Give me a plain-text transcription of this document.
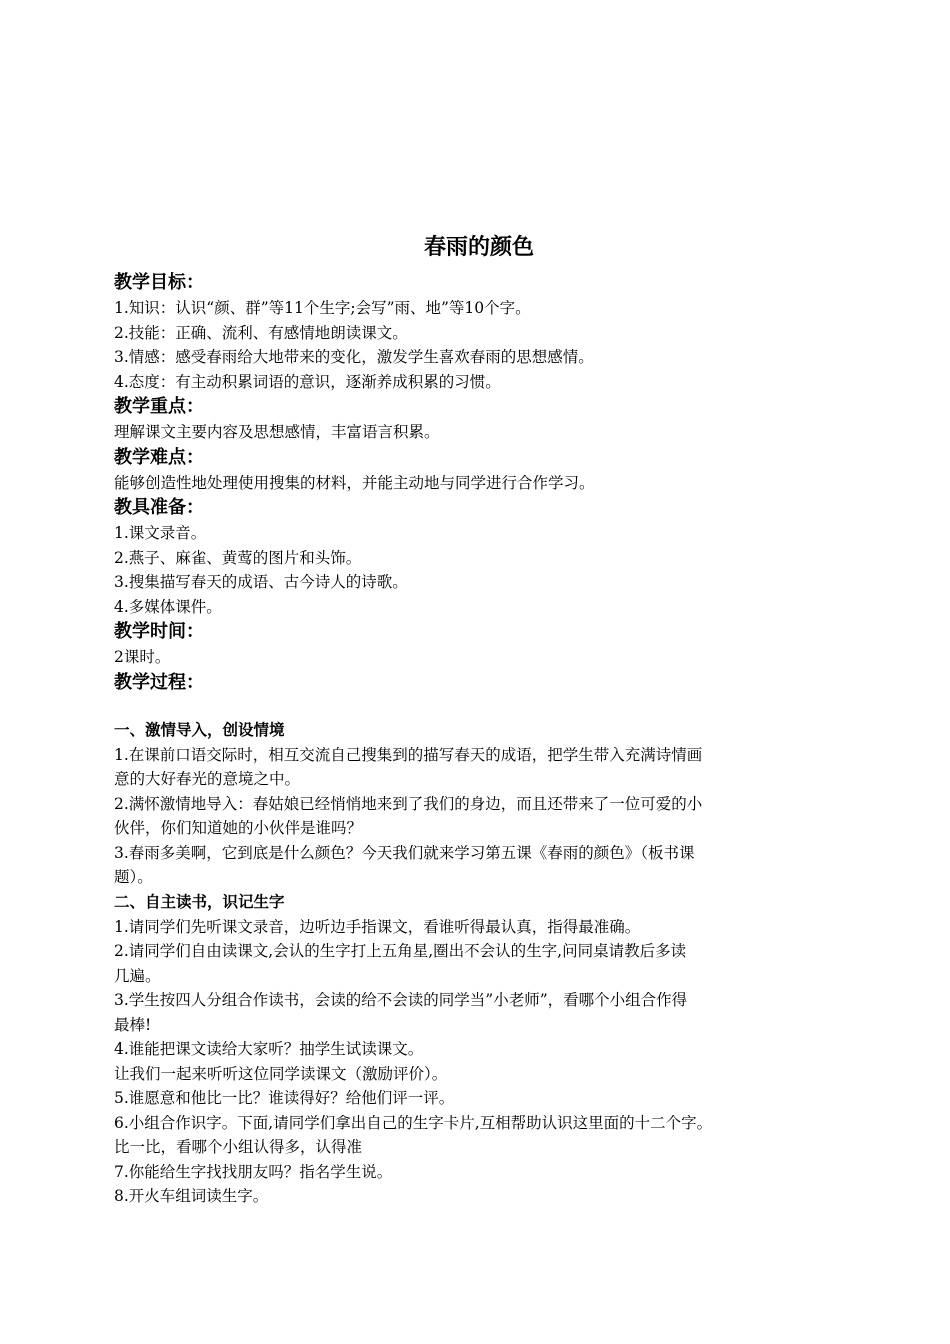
春雨的颜色

教学目标：

1.知识：认识“颜、群”等11个生字;会写”雨、地”等10个字。

2.技能：正确、流利、有感情地朗读课文。

3.情感：感受春雨给大地带来的变化，激发学生喜欢春雨的思想感情。

4.态度：有主动积累词语的意识，逐渐养成积累的习惯。

教学重点：

理解课文主要内容及思想感情，丰富语言积累。

教学难点：

能够创造性地处理使用搜集的材料，并能主动地与同学进行合作学习。

教具准备：

1.课文录音。

2.燕子、麻雀、黄莺的图片和头饰。

3.搜集描写春天的成语、古今诗人的诗歌。

4.多媒体课件。

教学时间：

2课时。

教学过程：

一、激情导入，创设情境

1.在课前口语交际时，相互交流自己搜集到的描写春天的成语，把学生带入充满诗情画

意的大好春光的意境之中。

2.满怀激情地导入：春姑娘已经悄悄地来到了我们的身边，而且还带来了一位可爱的小

伙伴，你们知道她的小伙伴是谁吗？

3.春雨多美啊，它到底是什么颜色？今天我们就来学习第五课《春雨的颜色》（板书课

题）。

二、自主读书，识记生字

1.请同学们先听课文录音，边听边手指课文，看谁听得最认真，指得最准确。

2.请同学们自由读课文,会认的生字打上五角星,圈出不会认的生字,问同桌请教后多读

几遍。

3.学生按四人分组合作读书，会读的给不会读的同学当”小老师”，看哪个小组合作得

最棒!

4.谁能把课文读给大家听？抽学生试读课文。

让我们一起来听听这位同学读课文（激励评价）。

5.谁愿意和他比一比？谁读得好？给他们评一评。

6.小组合作识字。下面,请同学们拿出自己的生字卡片,互相帮助认识这里面的十二个字。

比一比，看哪个小组认得多，认得准

7.你能给生字找找朋友吗？指名学生说。

8.开火车组词读生字。
